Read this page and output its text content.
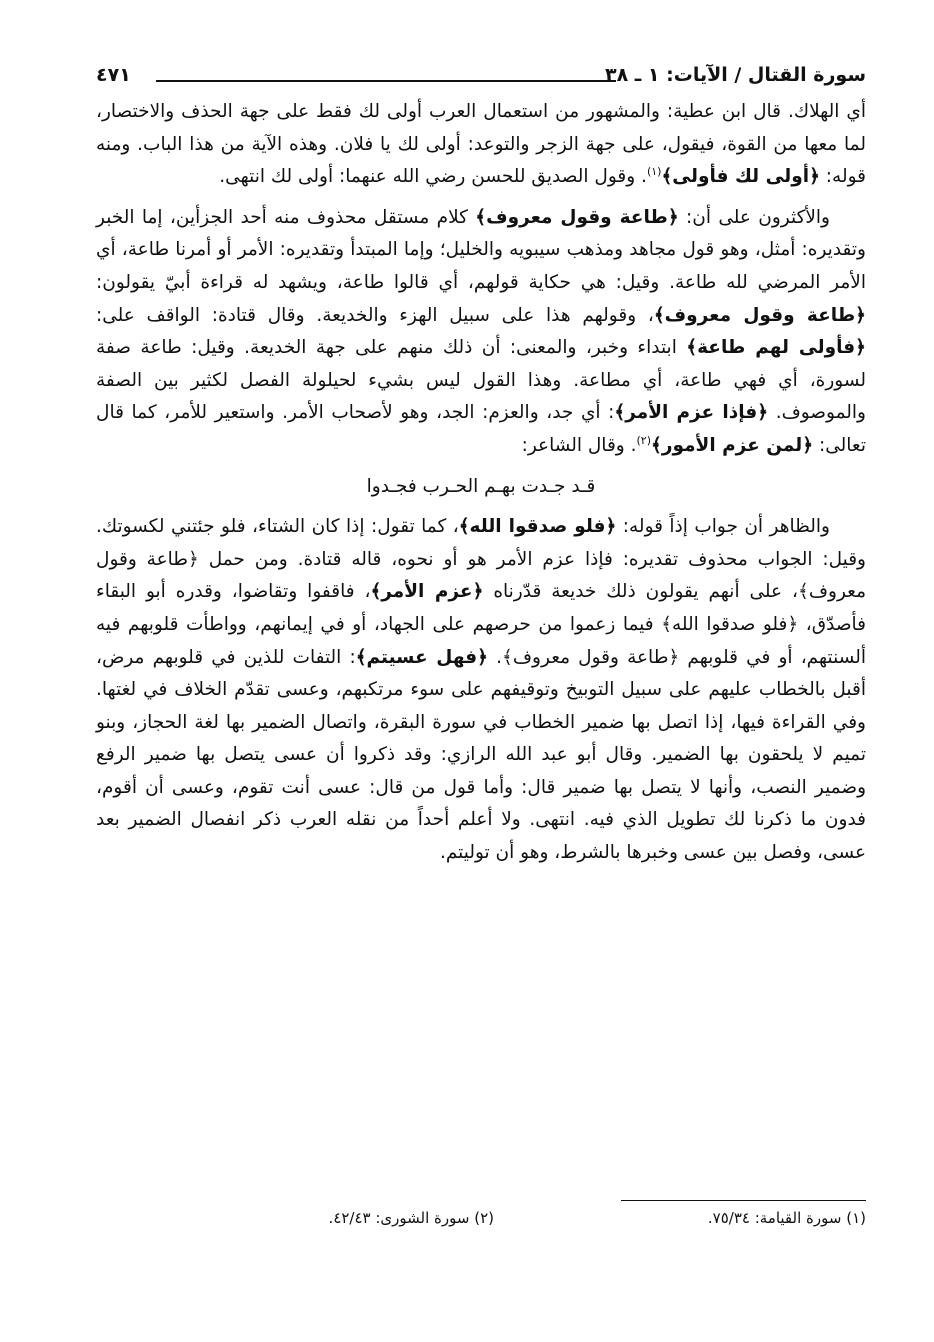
سورة القتال / الآيات: ١ ـ ٣٨
٤٧١

أي الهلاك. قال ابن عطية: والمشهور من استعمال العرب أولى لك فقط على جهة الحذف والاختصار، لما معها من القوة، فيقول، على جهة الزجر والتوعد: أولى لك يا فلان. وهذه الآية من هذا الباب. ومنه قوله: ﴿أولى لك فأولى﴾$^{(١)}$. وقول الصديق للحسن رضي الله عنهما: أولى لك انتهى.

والأكثرون على أن: ﴿طاعة وقول معروف﴾ كلام مستقل محذوف منه أحد الجزأين، إما الخبر وتقديره: أمثل، وهو قول مجاهد ومذهب سيبويه والخليل؛ وإما المبتدأ وتقديره: الأمر أو أمرنا طاعة، أي الأمر المرضي لله طاعة. وقيل: هي حكاية قولهم، أي قالوا طاعة، ويشهد له قراءة أبيّ يقولون: ﴿طاعة وقول معروف﴾، وقولهم هذا على سبيل الهزء والخديعة. وقال قتادة: الواقف على: ﴿فأولى لهم طاعة﴾ ابتداء وخبر، والمعنى: أن ذلك منهم على جهة الخديعة. وقيل: طاعة صفة لسورة، أي فهي طاعة، أي مطاعة. وهذا القول ليس بشيء لحيلولة الفصل لكثير بين الصفة والموصوف. ﴿فإذا عزم الأمر﴾: أي جد، والعزم: الجد، وهو لأصحاب الأمر. واستعير للأمر، كما قال تعالى: ﴿لمن عزم الأمور﴾$^{(٢)}$. وقال الشاعر:

قـد جـدت بهـم الحـرب فجـدوا

والظاهر أن جواب إذاً قوله: ﴿فلو صدقوا الله﴾، كما تقول: إذا كان الشتاء، فلو جئتني لكسوتك. وقيل: الجواب محذوف تقديره: فإذا عزم الأمر هو أو نحوه، قاله قتادة. ومن حمل ﴿طاعة وقول معروف﴾، على أنهم يقولون ذلك خديعة قدّرناه ﴿عزم الأمر﴾، فاقفوا وتقاضوا، وقدره أبو البقاء فأصدّق، ﴿فلو صدقوا الله﴾ فيما زعموا من حرصهم على الجهاد، أو في إيمانهم، وواطأت قلوبهم فيه ألسنتهم، أو في قلوبهم ﴿طاعة وقول معروف﴾. ﴿فهل عسيتم﴾: التفات للذين في قلوبهم مرض، أقبل بالخطاب عليهم على سبيل التوبيخ وتوقيفهم على سوء مرتكبهم، وعسى تقدّم الخلاف في لغتها. وفي القراءة فيها، إذا اتصل بها ضمير الخطاب في سورة البقرة، واتصال الضمير بها لغة الحجاز، وبنو تميم لا يلحقون بها الضمير. وقال أبو عبد الله الرازي: وقد ذكروا أن عسى يتصل بها ضمير الرفع وضمير النصب، وأنها لا يتصل بها ضمير قال: وأما قول من قال: عسى أنت تقوم، وعسى أن أقوم، فدون ما ذكرنا لك تطويل الذي فيه. انتهى. ولا أعلم أحداً من نقله العرب ذكر انفصال الضمير بعد عسى، وفصل بين عسى وخبرها بالشرط، وهو أن توليتم.

(١) سورة القيامة: ٧٥/٣٤.
(٢) سورة الشورى: ٤٢/٤٣.
